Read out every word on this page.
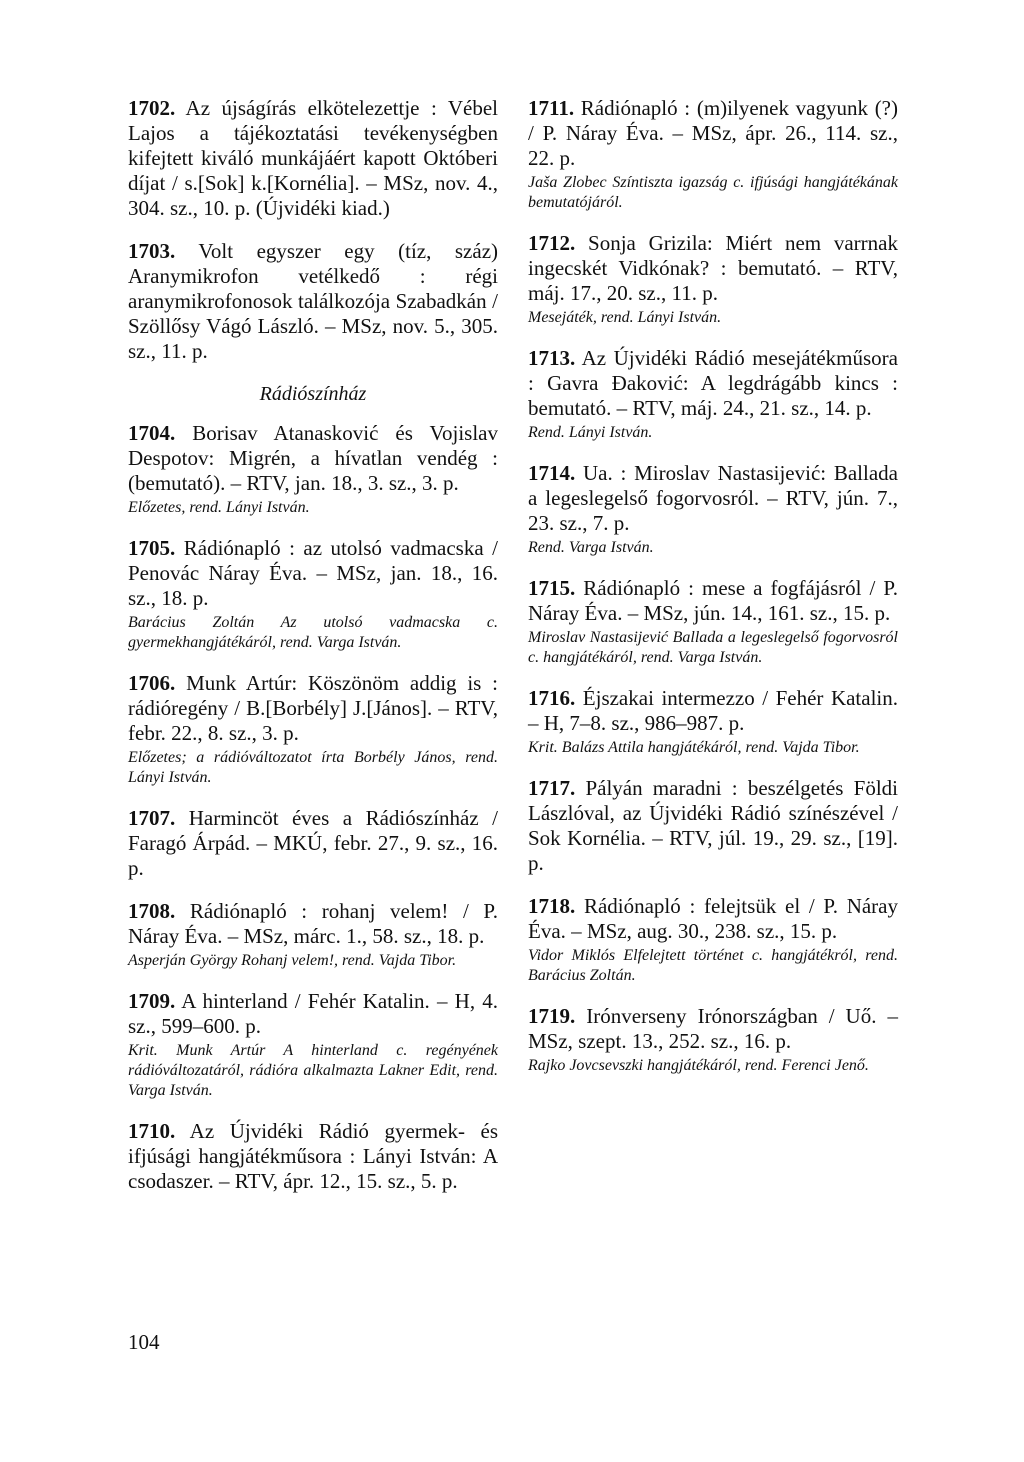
1702. Az újságírás elkötelezettje : Vébel Lajos a tájékoztatási tevékenységben kifejtett kiváló munkájáért kapott Októberi díjat / s.[Sok] k.[Kornélia]. – MSz, nov. 4., 304. sz., 10. p. (Újvidéki kiad.)

1703. Volt egyszer egy (tíz, száz) Aranymikrofon vetélkedő : régi aranymikrofonosok találkozója Szabadkán / Szöllősy Vágó László. – MSz, nov. 5., 305. sz., 11. p.

Rádiószínház

1704. Borisav Atanasković és Vojislav Despotov: Migrén, a hívatlan vendég : (bemutató). – RTV, jan. 18., 3. sz., 3. p.

Előzetes, rend. Lányi István.

1705. Rádiónapló : az utolsó vadmacska / Penovác Náray Éva. – MSz, jan. 18., 16. sz., 18. p.

Barácius Zoltán Az utolsó vadmacska c. gyermekhangjátékáról, rend. Varga István.

1706. Munk Artúr: Köszönöm addig is : rádióregény / B.[Borbély] J.[János]. – RTV, febr. 22., 8. sz., 3. p.

Előzetes; a rádióváltozatot írta Borbély János, rend. Lányi István.

1707. Harmincöt éves a Rádiószínház / Faragó Árpád. – MKÚ, febr. 27., 9. sz., 16. p.

1708. Rádiónapló : rohanj velem! / P. Náray Éva. – MSz, márc. 1., 58. sz., 18. p.

Asperján György Rohanj velem!, rend. Vajda Tibor.

1709. A hinterland / Fehér Katalin. – H, 4. sz., 599–600. p.

Krit. Munk Artúr A hinterland c. regényének rádióváltozatáról, rádióra alkalmazta Lakner Edit, rend. Varga István.

1710. Az Újvidéki Rádió gyermek- és ifjúsági hangjátékműsora : Lányi István: A csodaszer. – RTV, ápr. 12., 15. sz., 5. p.

1711. Rádiónapló : (m)ilyenek vagyunk (?) / P. Náray Éva. – MSz, ápr. 26., 114. sz., 22. p.

Jaša Zlobec Színtiszta igazság c. ifjúsági hangjátékának bemutatójáról.

1712. Sonja Grizila: Miért nem varrnak ingecskét Vidkónak? : bemutató. – RTV, máj. 17., 20. sz., 11. p.

Mesejáték, rend. Lányi István.

1713. Az Újvidéki Rádió mesejátékműsora : Gavra Đaković: A legdrágább kincs : bemutató. – RTV, máj. 24., 21. sz., 14. p.

Rend. Lányi István.

1714. Ua. : Miroslav Nastasijević: Ballada a legeslegelső fogorvosról. – RTV, jún. 7., 23. sz., 7. p.

Rend. Varga István.

1715. Rádiónapló : mese a fogfájásról / P. Náray Éva. – MSz, jún. 14., 161. sz., 15. p.

Miroslav Nastasijević Ballada a legeslegelső fogorvosról c. hangjátékáról, rend. Varga István.

1716. Éjszakai intermezzo / Fehér Katalin. – H, 7–8. sz., 986–987. p.

Krit. Balázs Attila hangjátékáról, rend. Vajda Tibor.

1717. Pályán maradni : beszélgetés Földi Lászlóval, az Újvidéki Rádió színészével / Sok Kornélia. – RTV, júl. 19., 29. sz., [19]. p.

1718. Rádiónapló : felejtsük el / P. Náray Éva. – MSz, aug. 30., 238. sz., 15. p.

Vidor Miklós Elfelejtett történet c. hangjátékról, rend. Barácius Zoltán.

1719. Irónverseny Irónországban / Uő. – MSz, szept. 13., 252. sz., 16. p.

Rajko Jovcsevszki hangjátékáról, rend. Ferenci Jenő.

104
